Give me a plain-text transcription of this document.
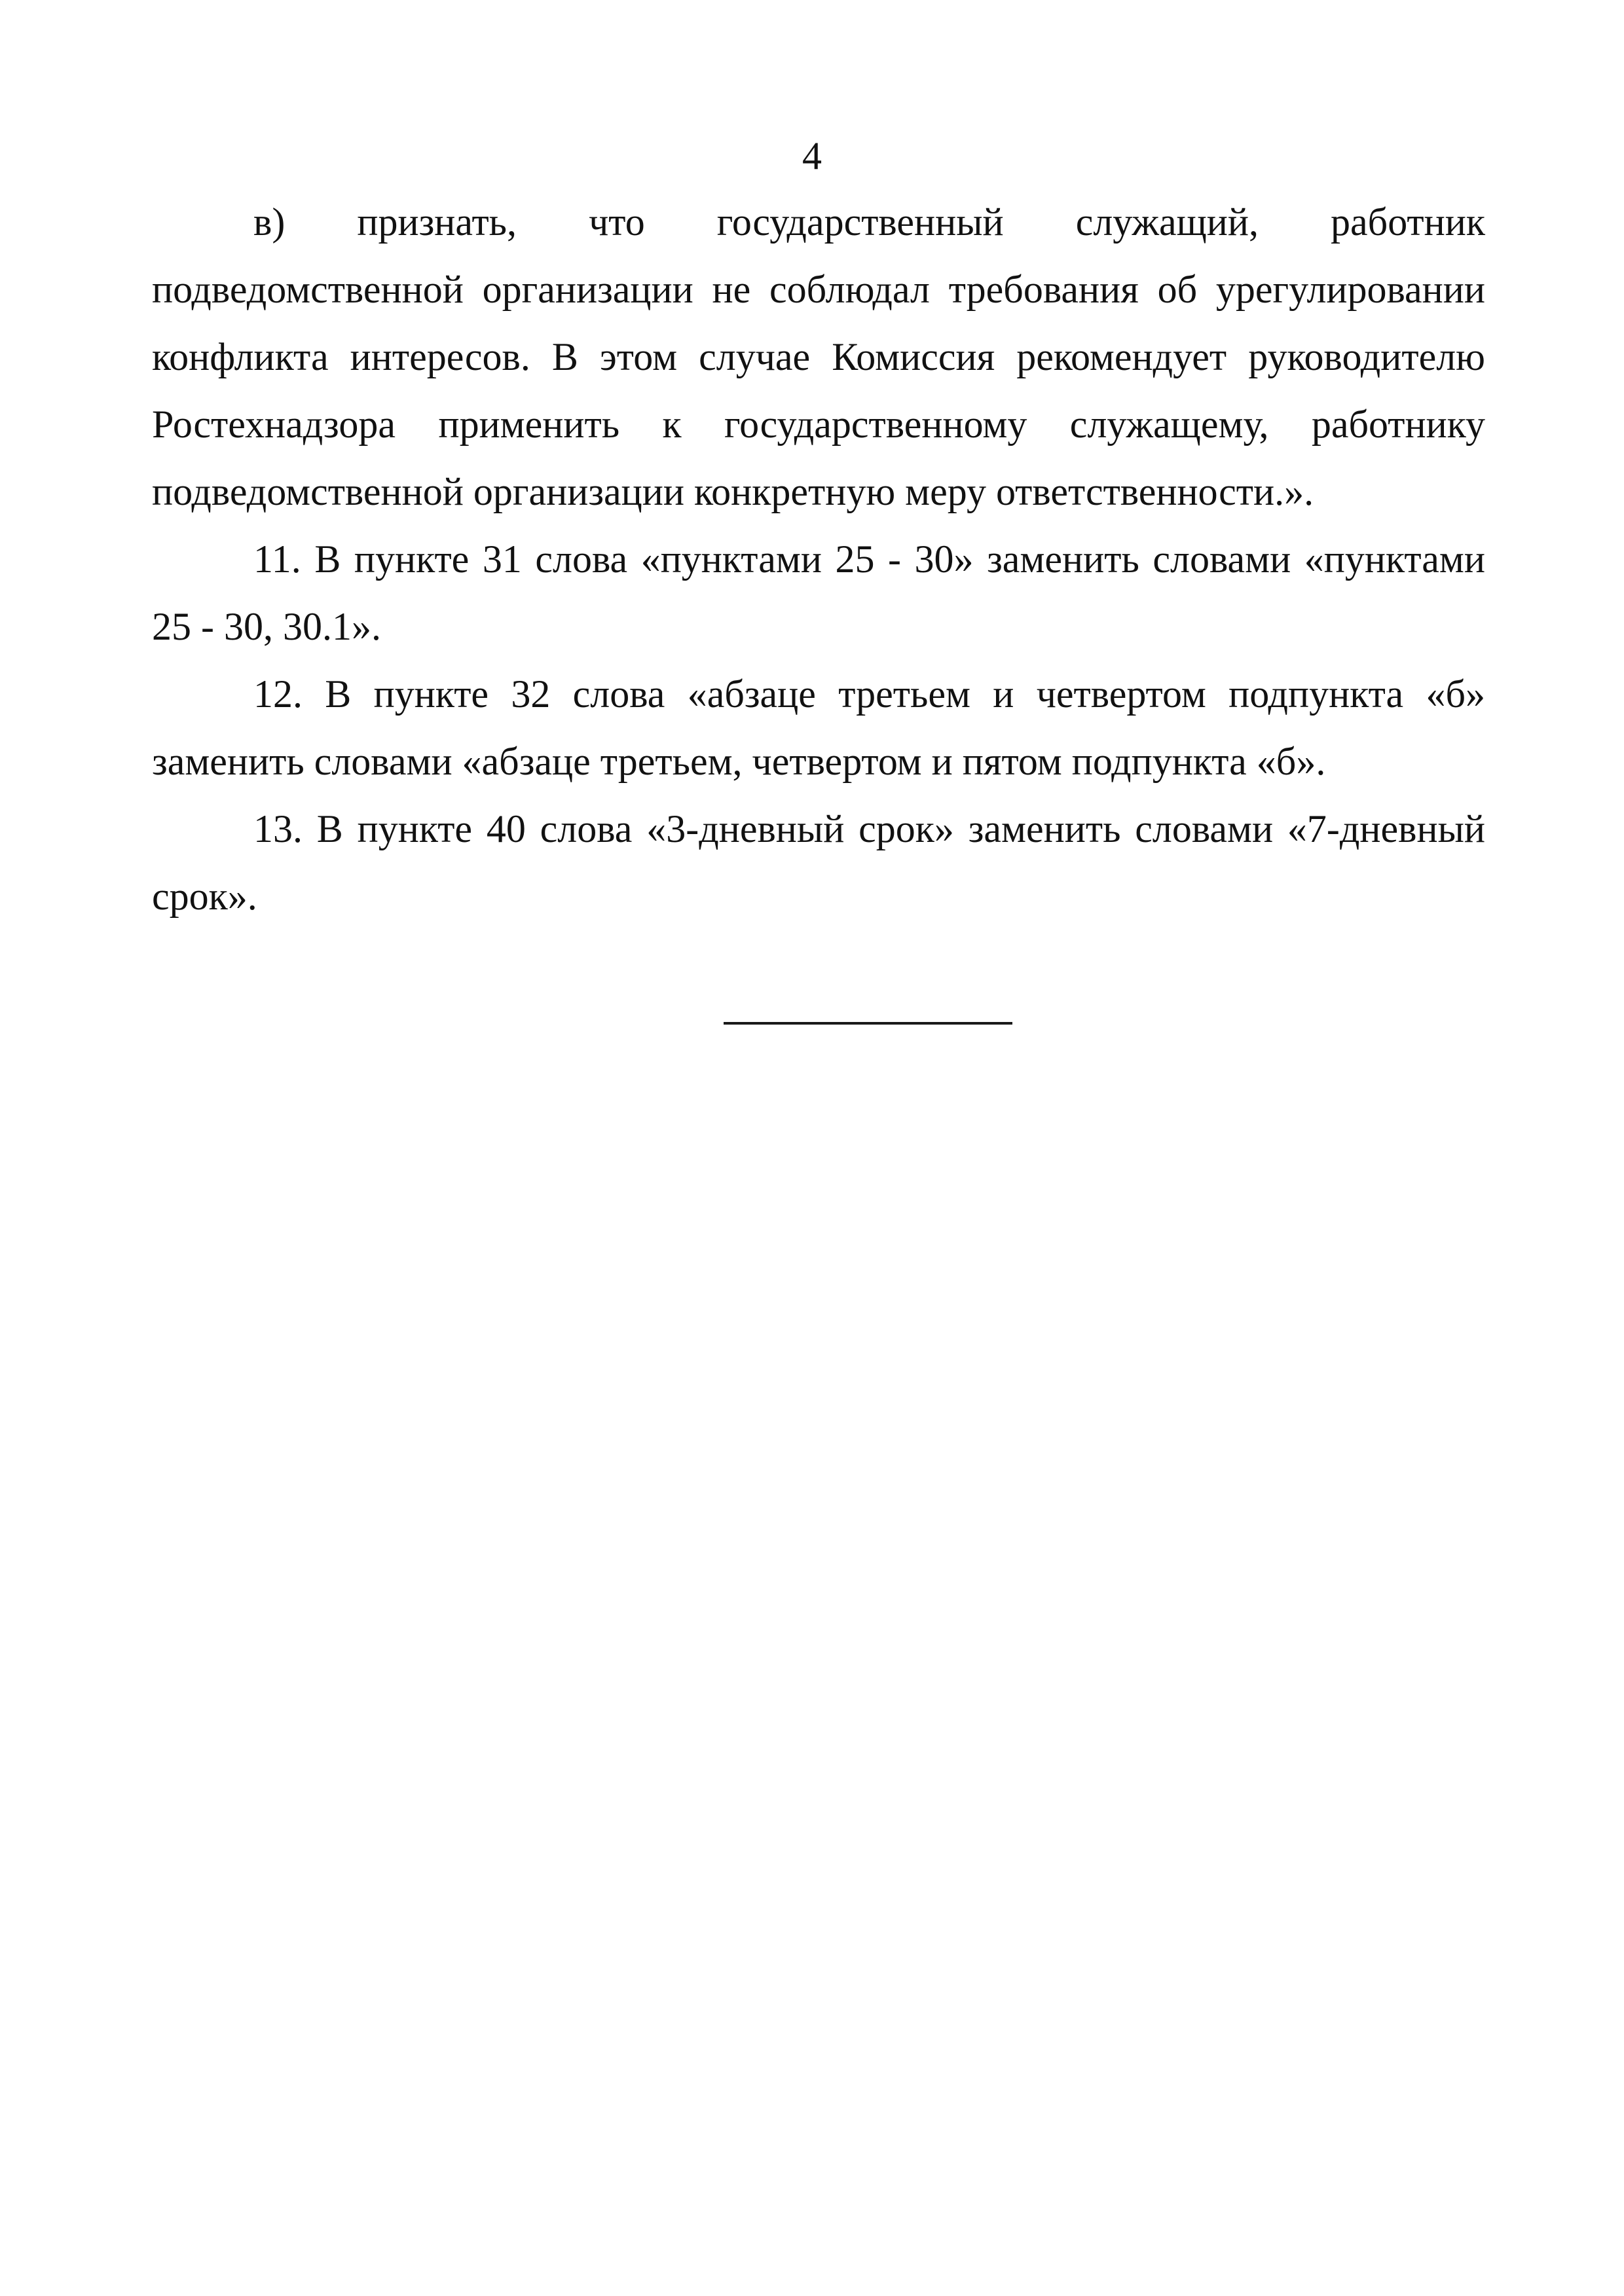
4

в) признать, что государственный служащий, работник подведомственной организации не соблюдал требования об урегулировании конфликта интересов. В этом случае Комиссия рекомендует руководителю Ростехнадзора применить к государственному служащему, работнику подведомственной организации конкретную меру ответственности.».

11. В пункте 31 слова «пунктами 25 - 30» заменить словами «пунктами 25 - 30, 30.1».

12. В пункте 32 слова «абзаце третьем и четвертом подпункта «б» заменить словами «абзаце третьем, четвертом и пятом подпункта «б».

13. В пункте 40 слова «3-дневный срок» заменить словами «7-дневный срок».
